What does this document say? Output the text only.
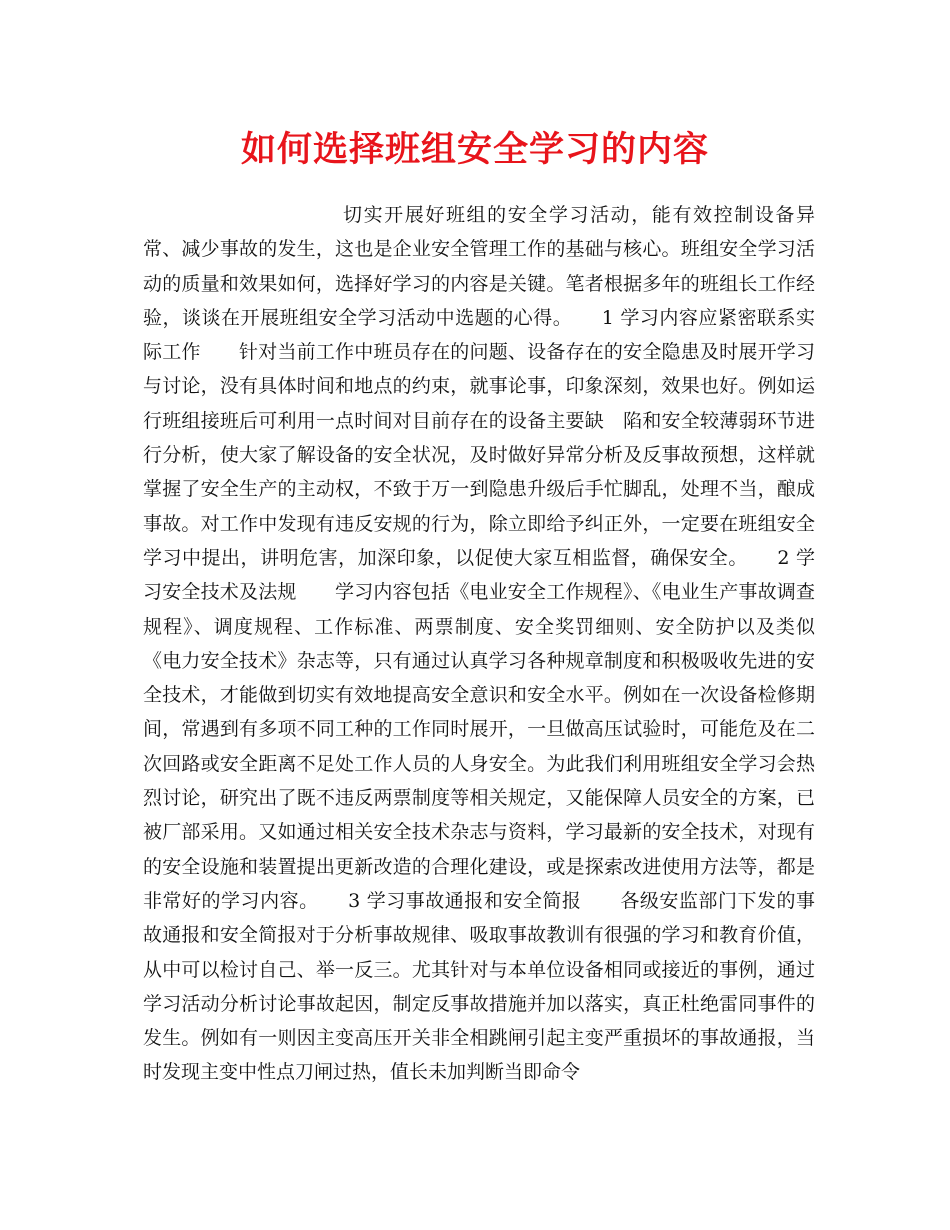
如何选择班组安全学习的内容

切实开展好班组的安全学习活动，能有效控制设备异常、减少事故的发生，这也是企业安全管理工作的基础与核心。班组安全学习活动的质量和效果如何，选择好学习的内容是关键。笔者根据多年的班组长工作经验，谈谈在开展班组安全学习活动中选题的心得。　　1 学习内容应紧密联系实际工作　　针对当前工作中班员存在的问题、设备存在的安全隐患及时展开学习与讨论，没有具体时间和地点的约束，就事论事，印象深刻，效果也好。例如运行班组接班后可利用一点时间对目前存在的设备主要缺　陷和安全较薄弱环节进行分析，使大家了解设备的安全状况，及时做好异常分析及反事故预想，这样就掌握了安全生产的主动权，不致于万一到隐患升级后手忙脚乱，处理不当，酿成事故。对工作中发现有违反安规的行为，除立即给予纠正外，一定要在班组安全学习中提出，讲明危害，加深印象，以促使大家互相监督，确保安全。　　2 学习安全技术及法规　　学习内容包括《电业安全工作规程》、《电业生产事故调查规程》、调度规程、工作标准、两票制度、安全奖罚细则、安全防护以及类似《电力安全技术》杂志等，只有通过认真学习各种规章制度和积极吸收先进的安全技术，才能做到切实有效地提高安全意识和安全水平。例如在一次设备检修期间，常遇到有多项不同工种的工作同时展开，一旦做高压试验时，可能危及在二次回路或安全距离不足处工作人员的人身安全。为此我们利用班组安全学习会热烈讨论，研究出了既不违反两票制度等相关规定，又能保障人员安全的方案，已被厂部采用。又如通过相关安全技术杂志与资料，学习最新的安全技术，对现有的安全设施和装置提出更新改造的合理化建设，或是探索改进使用方法等，都是非常好的学习内容。　　3 学习事故通报和安全简报　　各级安监部门下发的事故通报和安全简报对于分析事故规律、吸取事故教训有很强的学习和教育价值，从中可以检讨自己、举一反三。尤其针对与本单位设备相同或接近的事例，通过学习活动分析讨论事故起因，制定反事故措施并加以落实，真正杜绝雷同事件的发生。例如有一则因主变高压开关非全相跳闸引起主变严重损坏的事故通报，当时发现主变中性点刀闸过热，值长未加判断当即命令
